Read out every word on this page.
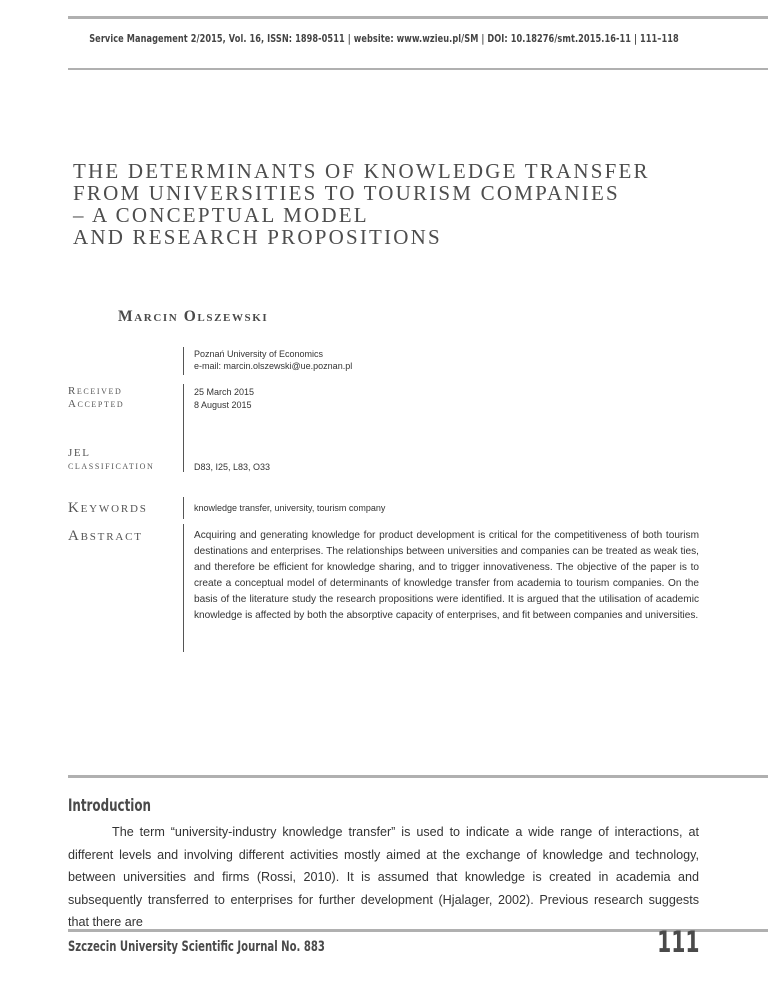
Service Management 2/2015, Vol. 16, ISSN: 1898-0511 | website: www.wzieu.pl/SM | DOI: 10.18276/smt.2015.16-11 | 111–118
THE DETERMINANTS OF KNOWLEDGE TRANSFER
FROM UNIVERSITIES TO TOURISM COMPANIES
– A CONCEPTUAL MODEL
AND RESEARCH PROPOSITIONS
Marcin Olszewski
Poznań University of Economics
e-mail: marcin.olszewski@ue.poznan.pl
Received	25 March 2015
Accepted	8 August 2015
JEL
classification	D83, I25, L83, O33
Keywords	knowledge transfer, university, tourism company
Abstract	Acquiring and generating knowledge for product development is critical for the competitiveness of both tourism destinations and enterprises. The relationships between universities and companies can be treated as weak ties, and therefore be efficient for knowledge sharing, and to trigger innovativeness. The objective of the paper is to create a conceptual model of determinants of knowledge transfer from academia to tourism companies. On the basis of the literature study the research propositions were identified. It is argued that the utilisation of academic knowledge is affected by both the absorptive capacity of enterprises, and fit between companies and universities.
Introduction
The term “university-industry knowledge transfer” is used to indicate a wide range of interactions, at different levels and involving different activities mostly aimed at the exchange of knowledge and technology, between universities and firms (Rossi, 2010). It is assumed that knowledge is created in academia and subsequently transferred to enterprises for further development (Hjalager, 2002). Previous research suggests that there are
Szczecin University Scientific Journal No. 883	111
